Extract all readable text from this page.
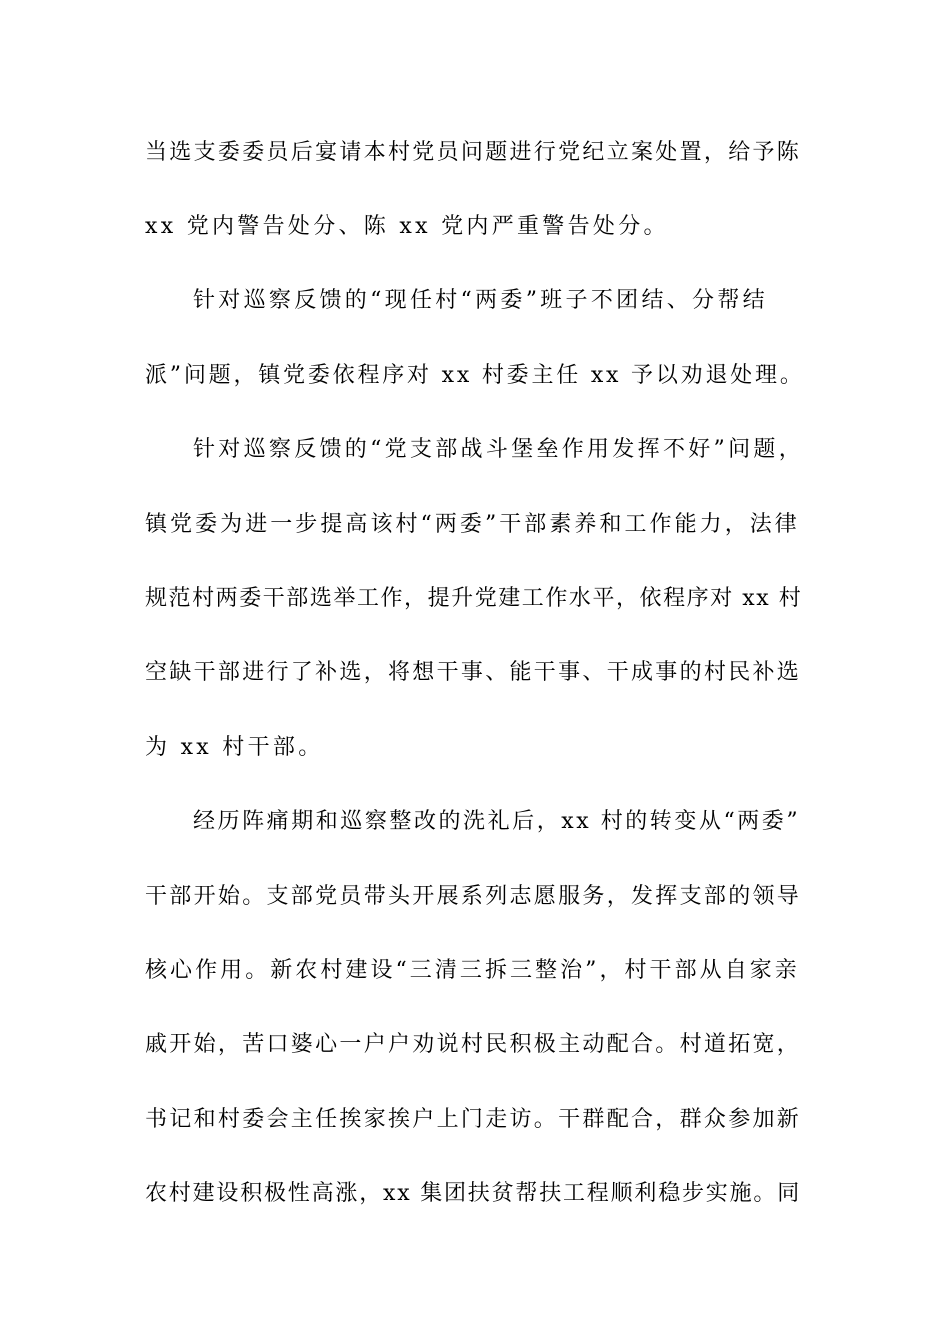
当选支委委员后宴请本村党员问题进行党纪立案处置，给予陈
xx 党内警告处分、陈 xx 党内严重警告处分。
针对巡察反馈的“现任村“两委”班子不团结、分帮结
派”问题，镇党委依程序对 xx 村委主任 xx 予以劝退处理。
针对巡察反馈的“党支部战斗堡垒作用发挥不好”问题，
镇党委为进一步提高该村“两委”干部素养和工作能力，法律
规范村两委干部选举工作，提升党建工作水平，依程序对 xx 村
空缺干部进行了补选，将想干事、能干事、干成事的村民补选
为 xx 村干部。
经历阵痛期和巡察整改的洗礼后，xx 村的转变从“两委”
干部开始。支部党员带头开展系列志愿服务，发挥支部的领导
核心作用。新农村建设“三清三拆三整治”，村干部从自家亲
戚开始，苦口婆心一户户劝说村民积极主动配合。村道拓宽，
书记和村委会主任挨家挨户上门走访。干群配合，群众参加新
农村建设积极性高涨，xx 集团扶贫帮扶工程顺利稳步实施。同
